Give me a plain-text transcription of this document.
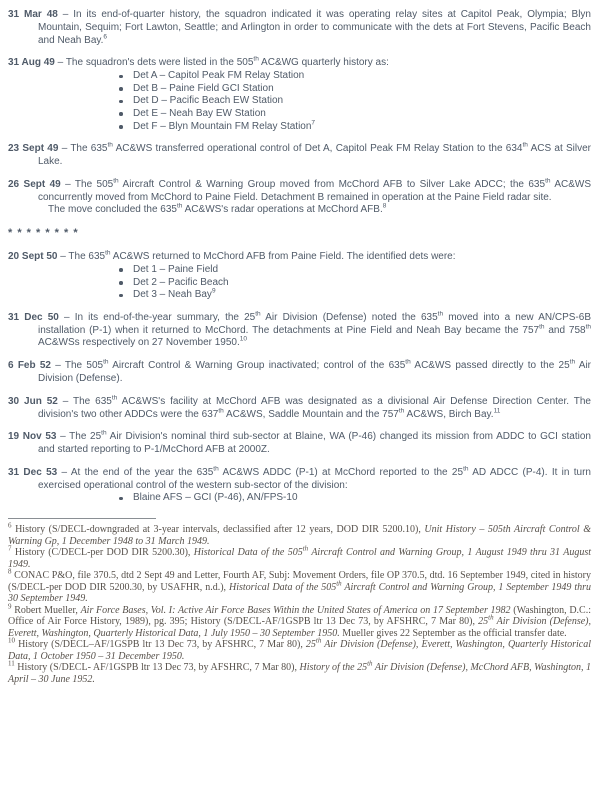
31 Mar 48 – In its end-of-quarter history, the squadron indicated it was operating relay sites at Capitol Peak, Olympia; Blyn Mountain, Sequim; Fort Lawton, Seattle; and Arlington in order to communicate with the dets at Fort Stevens, Pacific Beach and Neah Bay.$^6$

31 Aug 49 – The squadron's dets were listed in the 505th AC&WG quarterly history as:

Det A – Capitol Peak FM Relay Station
Det B – Paine Field GCI Station
Det D – Pacific Beach EW Station
Det E – Neah Bay EW Station
Det F – Blyn Mountain FM Relay Station$^7$

23 Sept 49 – The 635th AC&WS transferred operational control of Det A, Capitol Peak FM Relay Station to the 634th ACS at Silver Lake.

26 Sept 49 – The 505th Aircraft Control & Warning Group moved from McChord AFB to Silver Lake ADCC; the 635th AC&WS concurrently moved from McChord to Paine Field. Detachment B remained in operation at the Paine Field radar site.

The move concluded the 635th AC&WS's radar operations at McChord AFB.$^8$

* * * * * * * *

20 Sept 50 – The 635th AC&WS returned to McChord AFB from Paine Field. The identified dets were:

Det 1 – Paine Field
Det 2 – Pacific Beach
Det 3 – Neah Bay$^9$

31 Dec 50 – In its end-of-the-year summary, the 25th Air Division (Defense) noted the 635th moved into a new AN/CPS-6B installation (P-1) when it returned to McChord. The detachments at Pine Field and Neah Bay became the 757th and 758th AC&WSs respectively on 27 November 1950.10

6 Feb 52 – The 505th Aircraft Control & Warning Group inactivated; control of the 635th AC&WS passed directly to the 25th Air Division (Defense).

30 Jun 52 – The 635th AC&WS's facility at McChord AFB was designated as a divisional Air Defense Direction Center. The division's two other ADDCs were the 637th AC&WS, Saddle Mountain and the 757th AC&WS, Birch Bay.$^{11}$

19 Nov 53 – The 25th Air Division's nominal third sub-sector at Blaine, WA (P-46) changed its mission from ADDC to GCI station and started reporting to P-1/McChord AFB at 2000Z.

31 Dec 53 – At the end of the year the 635th AC&WS ADDC (P-1) at McChord reported to the 25th AD ADCC (P-4). It in turn exercised operational control of the western sub-sector of the division:

Blaine AFS – GCI (P-46), AN/FPS-10

$^6$ History (S/DECL-downgraded at 3-year intervals, declassified after 12 years, DOD DIR 5200.10), Unit History – 505th Aircraft Control & Warning Gp, 1 December 1948 to 31 March 1949.

$^7$ History (C/DECL-per DOD DIR 5200.30), Historical Data of the 505th Aircraft Control and Warning Group, 1 August 1949 thru 31 August 1949.

$^8$ CONAC P&O, file 370.5, dtd 2 Sept 49 and Letter, Fourth AF, Subj: Movement Orders, file OP 370.5, dtd. 16 September 1949, cited in history (S/DECL-per DOD DIR 5200.30, by USAFHR, n.d.), Historical Data of the 505th Aircraft Control and Warning Group, 1 September 1949 thru 30 September 1949.

$^9$ Robert Mueller, Air Force Bases, Vol. I: Active Air Force Bases Within the United States of America on 17 September 1982 (Washington, D.C.: Office of Air Force History, 1989), pg. 395; History (S/DECL-AF/1GSPB ltr 13 Dec 73, by AFSHRC, 7 Mar 80), 25th Air Division (Defense), Everett, Washington, Quarterly Historical Data, 1 July 1950 – 30 September 1950. Mueller gives 22 September as the official transfer date.

$^{10}$ History (S/DECL–AF/1GSPB ltr 13 Dec 73, by AFSHRC, 7 Mar 80), 25th Air Division (Defense), Everett, Washington, Quarterly Historical Data, 1 October 1950 – 31 December 1950.

$^{11}$ History (S/DECL- AF/1GSPB ltr 13 Dec 73, by AFSHRC, 7 Mar 80), History of the 25th Air Division (Defense), McChord AFB, Washington, 1 April – 30 June 1952.
